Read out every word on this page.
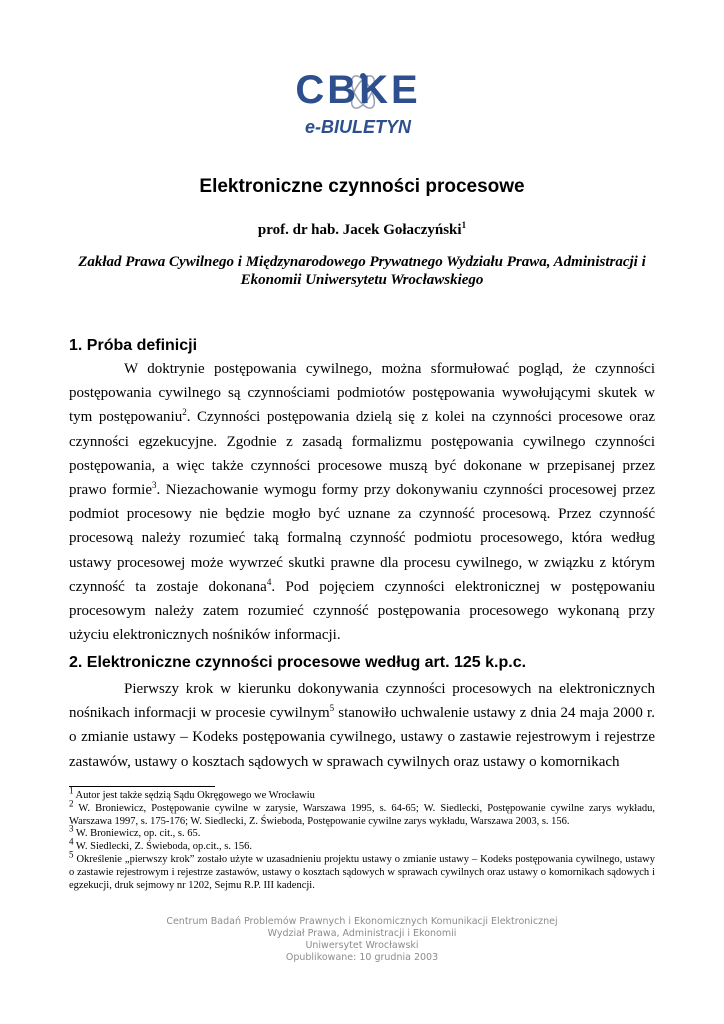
CBKE
e-BIULETYN
Elektroniczne czynności procesowe
prof. dr hab. Jacek Gołaczyński$^1$
Zakład Prawa Cywilnego i Międzynarodowego Prywatnego Wydziału Prawa, Administracji i Ekonomii Uniwersytetu Wrocławskiego
1. Próba definicji

W doktrynie postępowania cywilnego, można sformułować pogląd, że czynności postępowania cywilnego są czynnościami podmiotów postępowania wywołującymi skutek w tym postępowaniu$^2$. Czynności postępowania dzielą się z kolei na czynności procesowe oraz czynności egzekucyjne. Zgodnie z zasadą formalizmu postępowania cywilnego czynności postępowania, a więc także czynności procesowe muszą być dokonane w przepisanej przez prawo formie$^3$. Niezachowanie wymogu formy przy dokonywaniu czynności procesowej przez podmiot procesowy nie będzie mogło być uznane za czynność procesową. Przez czynność procesową należy rozumieć taką formalną czynność podmiotu procesowego, która według ustawy procesowej może wywrzeć skutki prawne dla procesu cywilnego, w związku z którym czynność ta zostaje dokonana$^4$. Pod pojęciem czynności elektronicznej w postępowaniu procesowym należy zatem rozumieć czynność postępowania procesowego wykonaną przy użyciu elektronicznych nośników informacji.

2. Elektroniczne czynności procesowe według art. 125 k.p.c.

Pierwszy krok w kierunku dokonywania czynności procesowych na elektronicznych nośnikach informacji w procesie cywilnym$^5$ stanowiło uchwalenie ustawy z dnia 24 maja 2000 r. o zmianie ustawy – Kodeks postępowania cywilnego, ustawy o zastawie rejestrowym i rejestrze zastawów, ustawy o kosztach sądowych w sprawach cywilnych oraz ustawy o komornikach

$^1$ Autor jest także sędzią Sądu Okręgowego we Wrocławiu
$^2$ W. Broniewicz, Postępowanie cywilne w zarysie, Warszawa 1995, s. 64-65; W. Siedlecki, Postępowanie cywilne zarys wykładu, Warszawa 1997, s. 175-176; W. Siedlecki, Z. Świeboda, Postępowanie cywilne zarys wykładu, Warszawa 2003, s. 156.
$^3$ W. Broniewicz, op. cit., s. 65.
$^4$ W. Siedlecki, Z. Świeboda, op.cit., s. 156.
$^5$ Określenie „pierwszy krok” zostało użyte w uzasadnieniu projektu ustawy o zmianie ustawy – Kodeks postępowania cywilnego, ustawy o zastawie rejestrowym i rejestrze zastawów, ustawy o kosztach sądowych w sprawach cywilnych oraz ustawy o komornikach sądowych i egzekucji, druk sejmowy nr 1202, Sejmu R.P. III kadencji.
Centrum Badań Problemów Prawnych i Ekonomicznych Komunikacji Elektronicznej
Wydział Prawa, Administracji i Ekonomii
Uniwersytet Wrocławski
Opublikowane: 10 grudnia 2003
